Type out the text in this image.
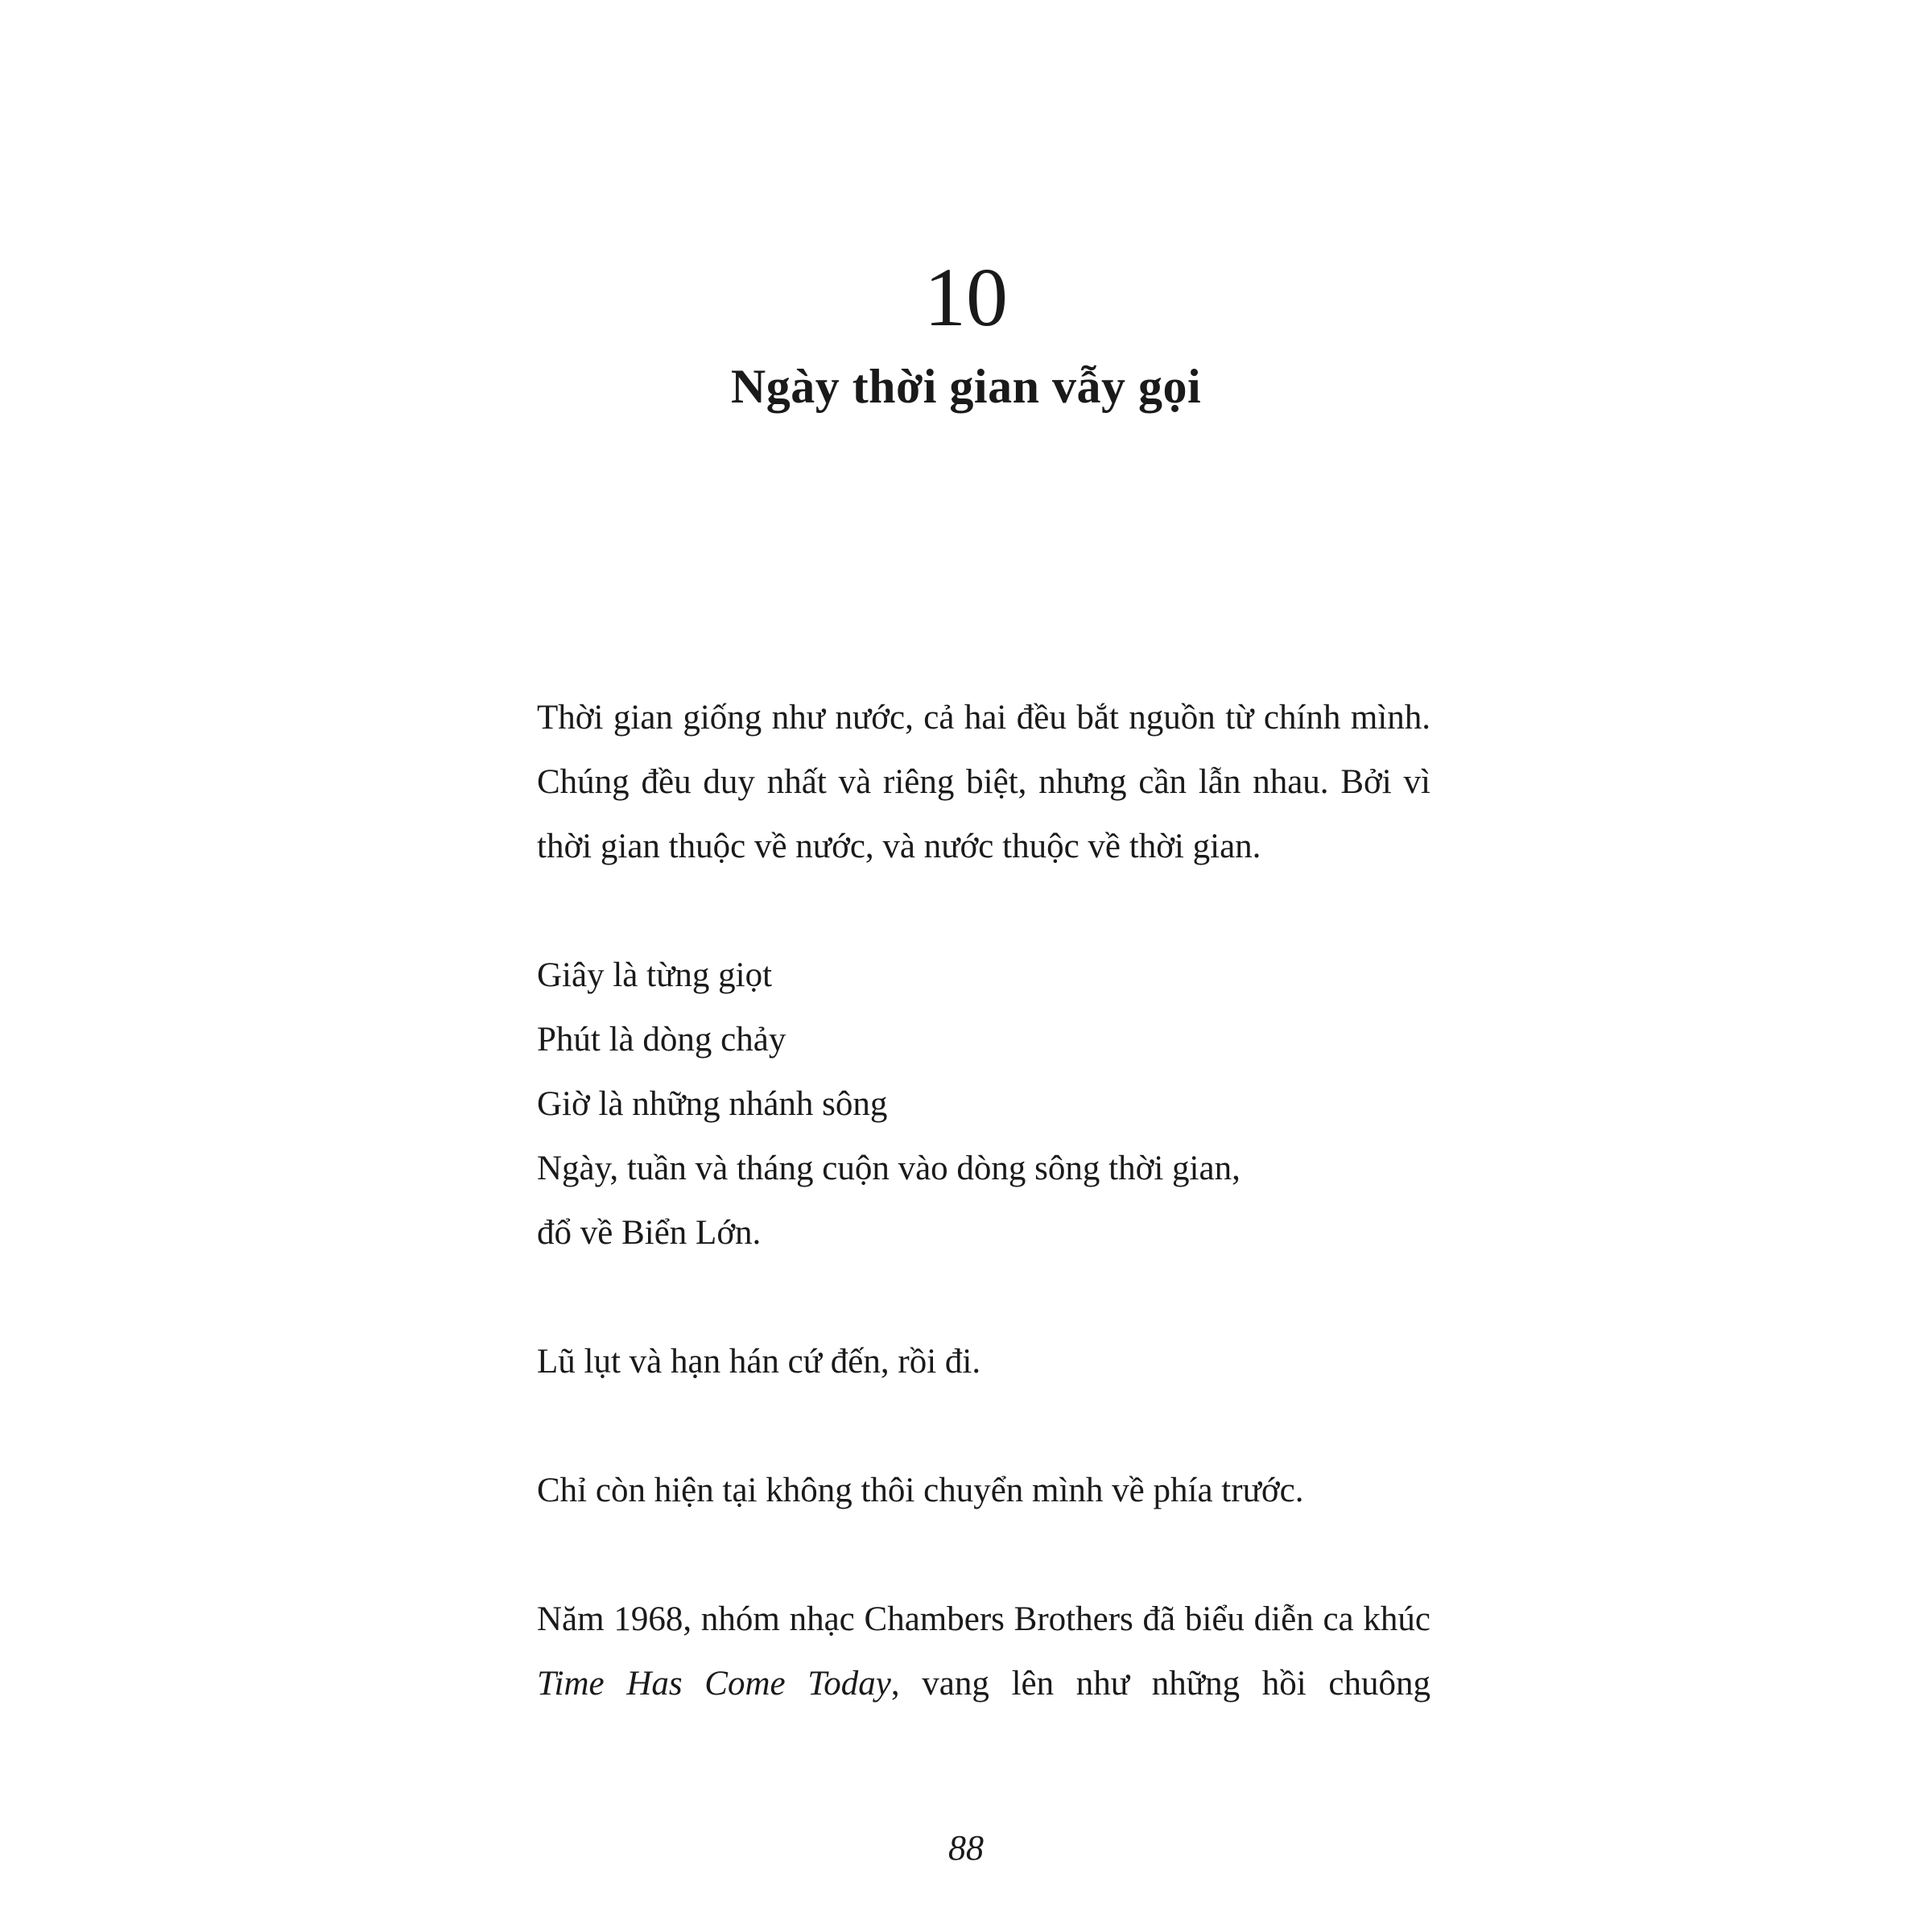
10
Ngày thời gian vẫy gọi

Thời gian giống như nước, cả hai đều bắt nguồn từ chính mình. Chúng đều duy nhất và riêng biệt, nhưng cần lẫn nhau. Bởi vì thời gian thuộc về nước, và nước thuộc về thời gian.

Giây là từng giọt
Phút là dòng chảy
Giờ là những nhánh sông
Ngày, tuần và tháng cuộn vào dòng sông thời gian,
đổ về Biển Lớn.

Lũ lụt và hạn hán cứ đến, rồi đi.

Chỉ còn hiện tại không thôi chuyển mình về phía trước.

Năm 1968, nhóm nhạc Chambers Brothers đã biểu diễn ca khúc Time Has Come Today, vang lên như những hồi chuông

88
